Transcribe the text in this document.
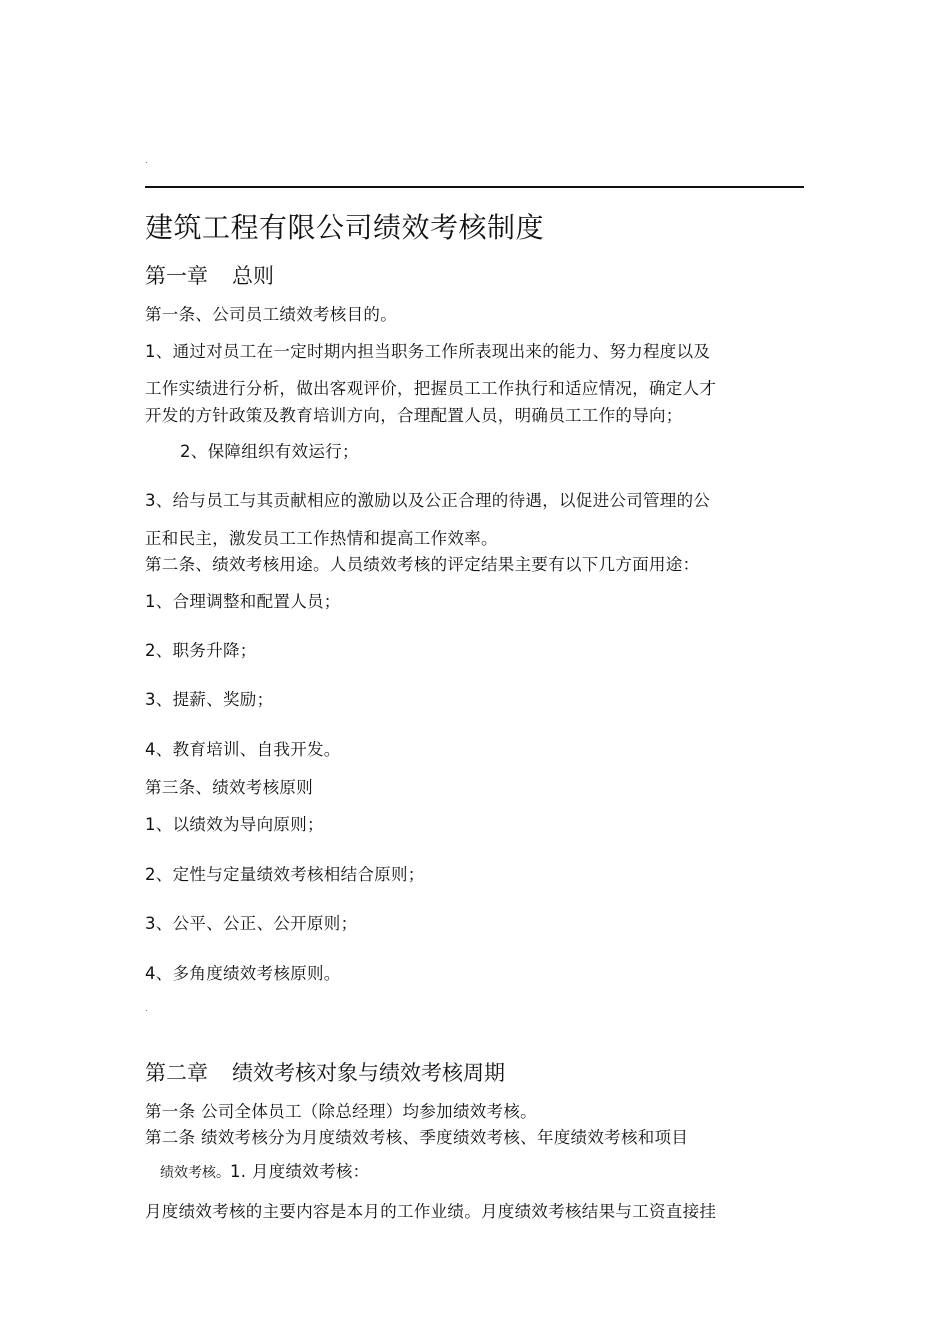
.
建筑工程有限公司绩效考核制度
第一章 总则
第一条、公司员工绩效考核目的。
1、通过对员工在一定时期内担当职务工作所表现出来的能力、努力程度以及
工作实绩进行分析，做出客观评价，把握员工工作执行和适应情况，确定人才
开发的方针政策及教育培训方向，合理配置人员，明确员工工作的导向；
2、保障组织有效运行；
3、给与员工与其贡献相应的激励以及公正合理的待遇，以促进公司管理的公
正和民主，激发员工工作热情和提高工作效率。
第二条、绩效考核用途。人员绩效考核的评定结果主要有以下几方面用途：
1、合理调整和配置人员；
2、职务升降；
3、提薪、奖励；
4、教育培训、自我开发。
第三条、绩效考核原则
1、以绩效为导向原则；
2、定性与定量绩效考核相结合原则；
3、公平、公正、公开原则；
4、多角度绩效考核原则。
.
第二章 绩效考核对象与绩效考核周期
第一条 公司全体员工（除总经理）均参加绩效考核。
第二条 绩效考核分为月度绩效考核、季度绩效考核、年度绩效考核和项目
绩效考核。1. 月度绩效考核：
月度绩效考核的主要内容是本月的工作业绩。月度绩效考核结果与工资直接挂
